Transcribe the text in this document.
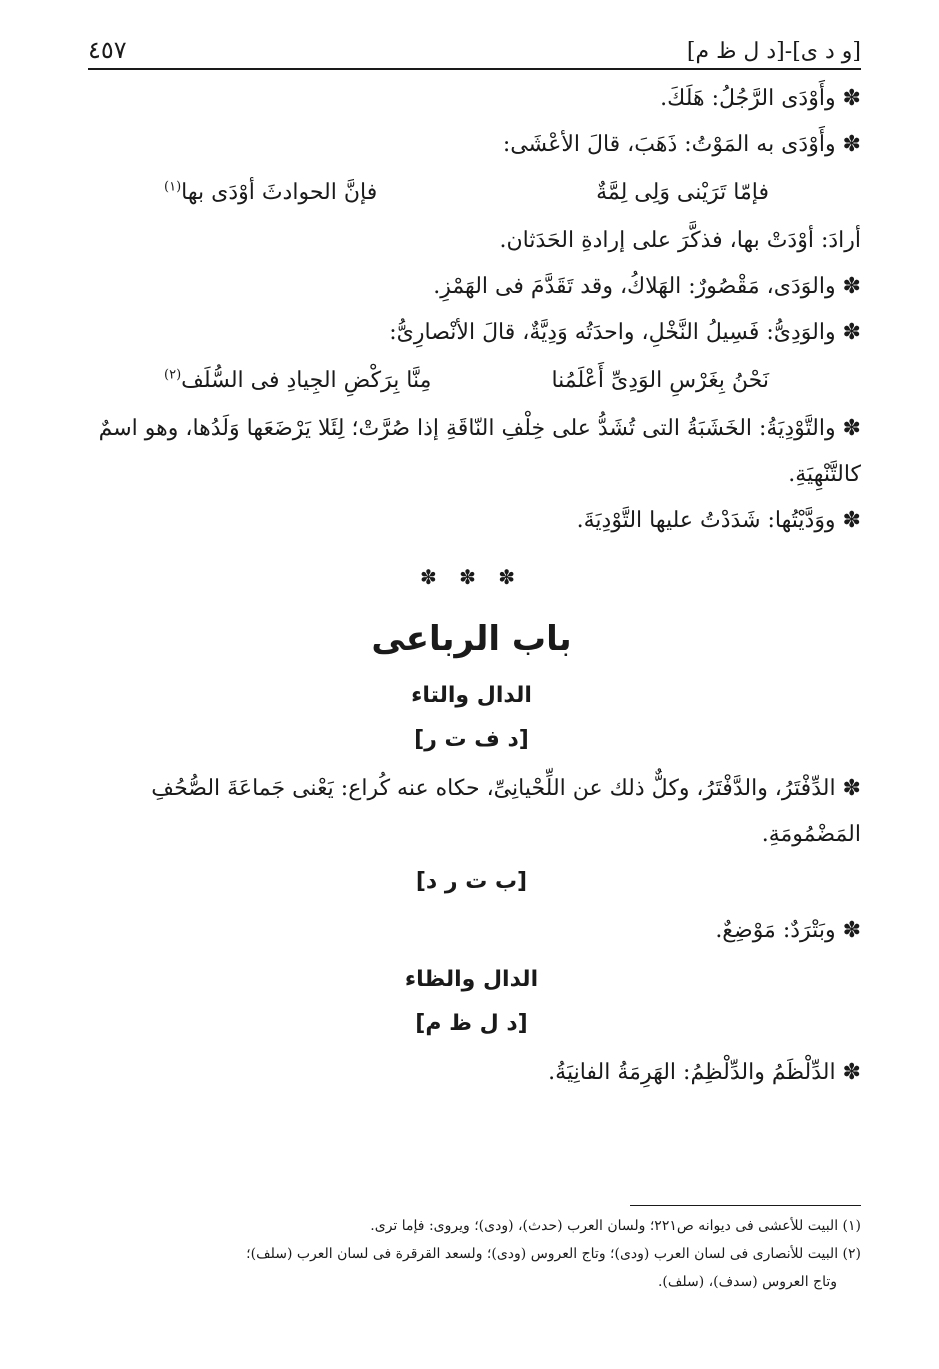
[و د ى]-[د ل ظ م]
٤٥٧

✽ وأَوْدَى الرَّجُلُ: هَلَكَ.

✽ وأَوْدَى به المَوْتُ: ذَهَبَ، قالَ الأعْشَى:

فإمّا تَرَيْنى وَلِى لِمَّةٌ
فإنَّ الحوادثَ أوْدَى بها$^{(١)}$

أرادَ: أوْدَتْ بها، فذكَّرَ على إرادةِ الحَدَثان.

✽ والوَدَى، مَقْصُورٌ: الهَلاكُ، وقد تَقَدَّمَ فى الهَمْزِ.

✽ والوَدِىُّ: فَسِيلُ النَّخْلِ، واحدَتُه وَدِيَّةٌ، قالَ الأنْصارِىُّ:

نَحْنُ بِغَرْسِ الوَدِىِّ أَعْلَمُنا
مِنَّا بِرَكْضِ الجِيادِ فى السُّلَف$^{(٢)}$

✽ والتَّوْدِيَةُ: الخَشَبَةُ التى تُشَدُّ على خِلْفِ النّاقَةِ إذا صُرَّتْ؛ لِئَلا يَرْضَعَها وَلَدُها، وهو اسمٌ كالتَّنْهِيَةِ.

✽ ووَدَّيْتُها: شَدَدْتُ عليها التَّوْدِيَةَ.

✽ ✽ ✽
باب الرباعى
الدال والتاء
[د ف ت ر]

✽ الدِّفْتَرُ، والدَّفْتَرُ، وكلٌّ ذلك عن اللِّحْيانِىِّ، حكاه عنه كُراع: يَعْنى جَماعَةَ الصُّحُفِ المَضْمُومَةِ.

[ب ت ر د]

✽ وبَتْرَدٌ: مَوْضِعٌ.

الدال والظاء
[د ل ظ م]

✽ الدِّلْظَمُ والدِّلْظِمُ: الهَرِمَةُ الفانِيَةُ.

(١) البيت للأعشى فى ديوانه ص٢٢١؛ ولسان العرب (حدث)، (ودى)؛ ويروى: فإما ترى.

(٢) البيت للأنصارى فى لسان العرب (ودى)؛ وتاج العروس (ودى)؛ ولسعد القرقرة فى لسان العرب (سلف)؛

وتاج العروس (سدف)، (سلف).
